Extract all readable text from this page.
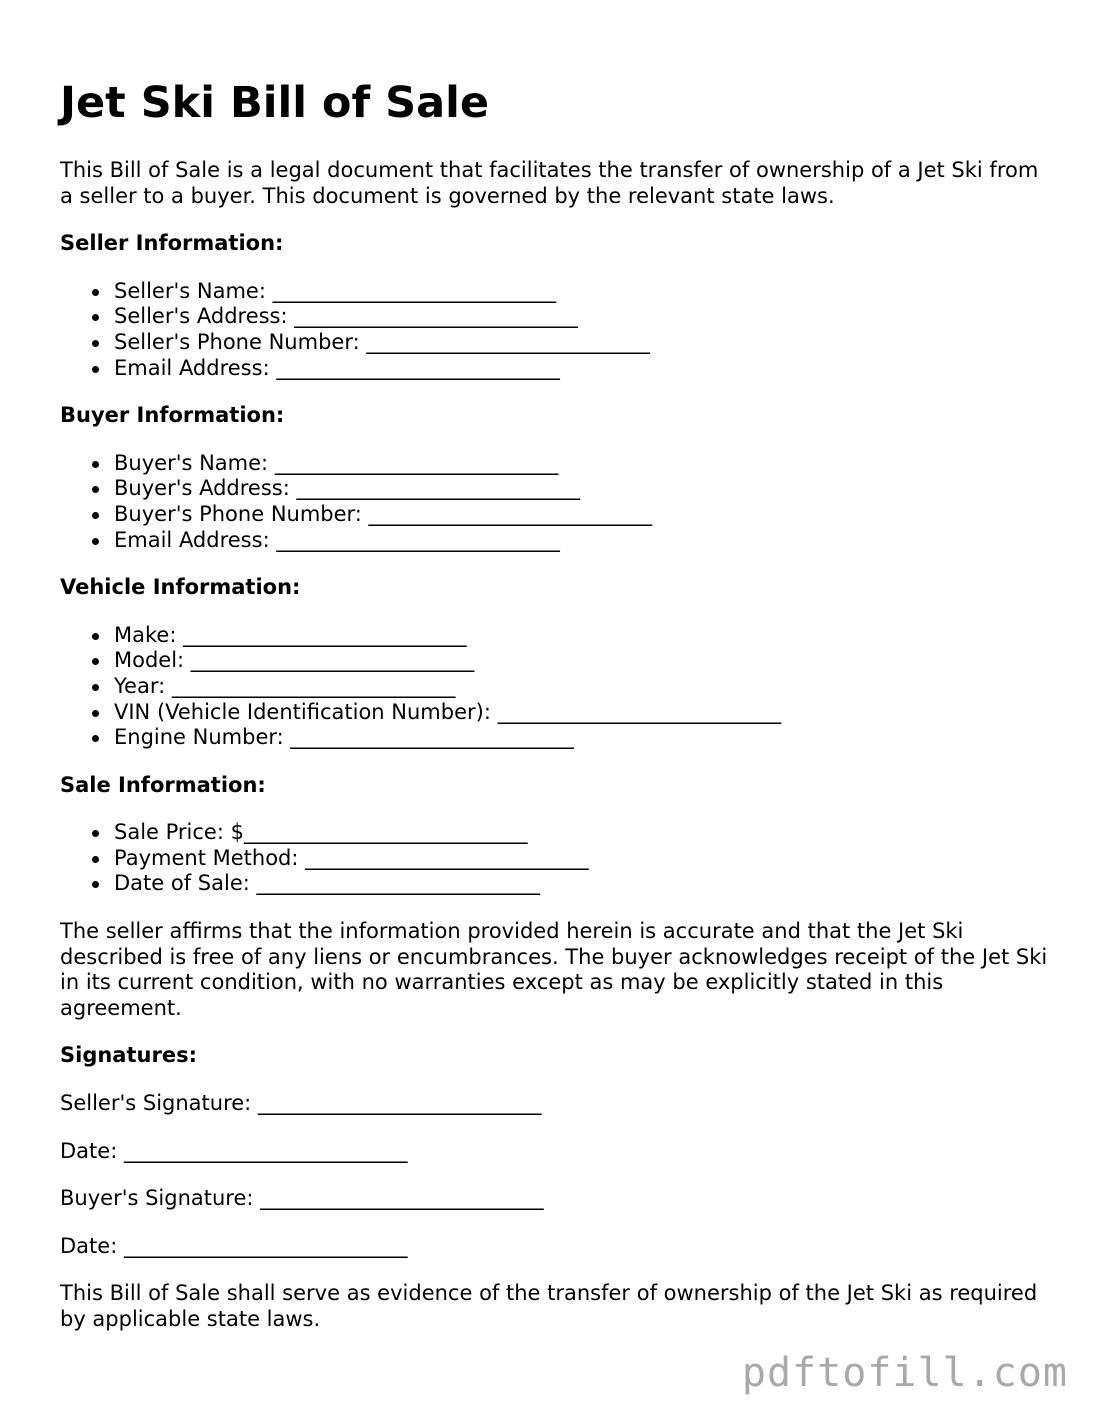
Jet Ski Bill of Sale

This Bill of Sale is a legal document that facilitates the transfer of ownership of a Jet Ski from a seller to a buyer. This document is governed by the relevant state laws.

Seller Information:
Seller's Name: ___________________________
Seller's Address: ___________________________
Seller's Phone Number: ___________________________
Email Address: ___________________________
Buyer Information:
Buyer's Name: ___________________________
Buyer's Address: ___________________________
Buyer's Phone Number: ___________________________
Email Address: ___________________________
Vehicle Information:
Make: ___________________________
Model: ___________________________
Year: ___________________________
VIN (Vehicle Identification Number): ___________________________
Engine Number: ___________________________
Sale Information:
Sale Price: $___________________________
Payment Method: ___________________________
Date of Sale: ___________________________

The seller affirms that the information provided herein is accurate and that the Jet Ski described is free of any liens or encumbrances. The buyer acknowledges receipt of the Jet Ski in its current condition, with no warranties except as may be explicitly stated in this agreement.

Signatures:
Seller's Signature: ___________________________
Date: ___________________________
Buyer's Signature: ___________________________
Date: ___________________________

This Bill of Sale shall serve as evidence of the transfer of ownership of the Jet Ski as required by applicable state laws.

pdftofill.com
